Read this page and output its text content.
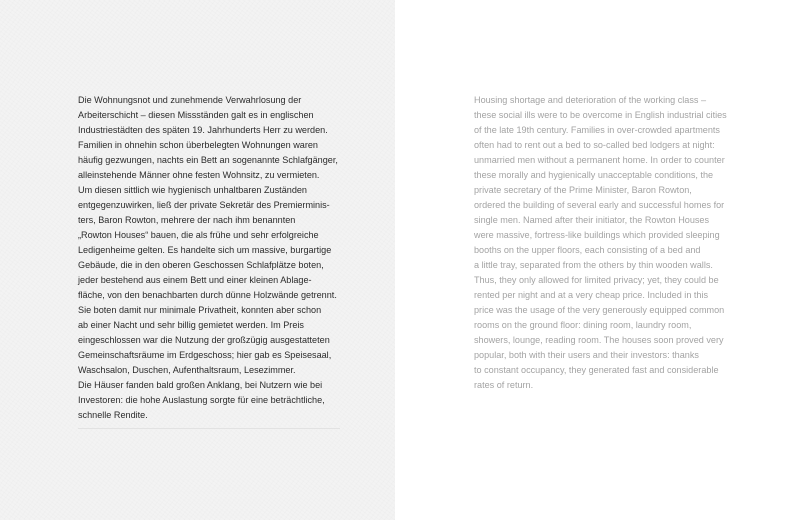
Die Wohnungsnot und zunehmende Verwahrlosung der
Arbeiterschicht – diesen Missständen galt es in englischen
Industriestädten des späten 19. Jahrhunderts Herr zu werden.
Familien in ohnehin schon überbelegten Wohnungen waren
häufig gezwungen, nachts ein Bett an sogenannte Schlafgänger,
alleinstehende Männer ohne festen Wohnsitz, zu vermieten.
Um diesen sittlich wie hygienisch unhaltbaren Zuständen
entgegenzuwirken, ließ der private Sekretär des Premierminis-
ters, Baron Rowton, mehrere der nach ihm benannten
„Rowton Houses“ bauen, die als frühe und sehr erfolgreiche
Ledigenheime gelten. Es handelte sich um massive, burgartige
Gebäude, die in den oberen Geschossen Schlafplätze boten,
jeder bestehend aus einem Bett und einer kleinen Ablage-
fläche, von den benachbarten durch dünne Holzwände getrennt.
Sie boten damit nur minimale Privatheit, konnten aber schon
ab einer Nacht und sehr billig gemietet werden. Im Preis
eingeschlossen war die Nutzung der großzügig ausgestatteten
Gemeinschaftsräume im Erdgeschoss; hier gab es Speisesaal,
Waschsalon, Duschen, Aufenthaltsraum, Lesezimmer.
Die Häuser fanden bald großen Anklang, bei Nutzern wie bei
Investoren: die hohe Auslastung sorgte für eine beträchtliche,
schnelle Rendite.

Housing shortage and deterioration of the working class –
these social ills were to be overcome in English industrial cities
of the late 19th century. Families in over-crowded apartments
often had to rent out a bed to so-called bed lodgers at night:
unmarried men without a permanent home. In order to counter
these morally and hygienically unacceptable conditions, the
private secretary of the Prime Minister, Baron Rowton,
ordered the building of several early and successful homes for
single men. Named after their initiator, the Rowton Houses
were massive, fortress-like buildings which provided sleeping
booths on the upper floors, each consisting of a bed and
a little tray, separated from the others by thin wooden walls.
Thus, they only allowed for limited privacy; yet, they could be
rented per night and at a very cheap price. Included in this
price was the usage of the very generously equipped common
rooms on the ground floor: dining room, laundry room,
showers, lounge, reading room. The houses soon proved very
popular, both with their users and their investors: thanks
to constant occupancy, they generated fast and considerable
rates of return.
